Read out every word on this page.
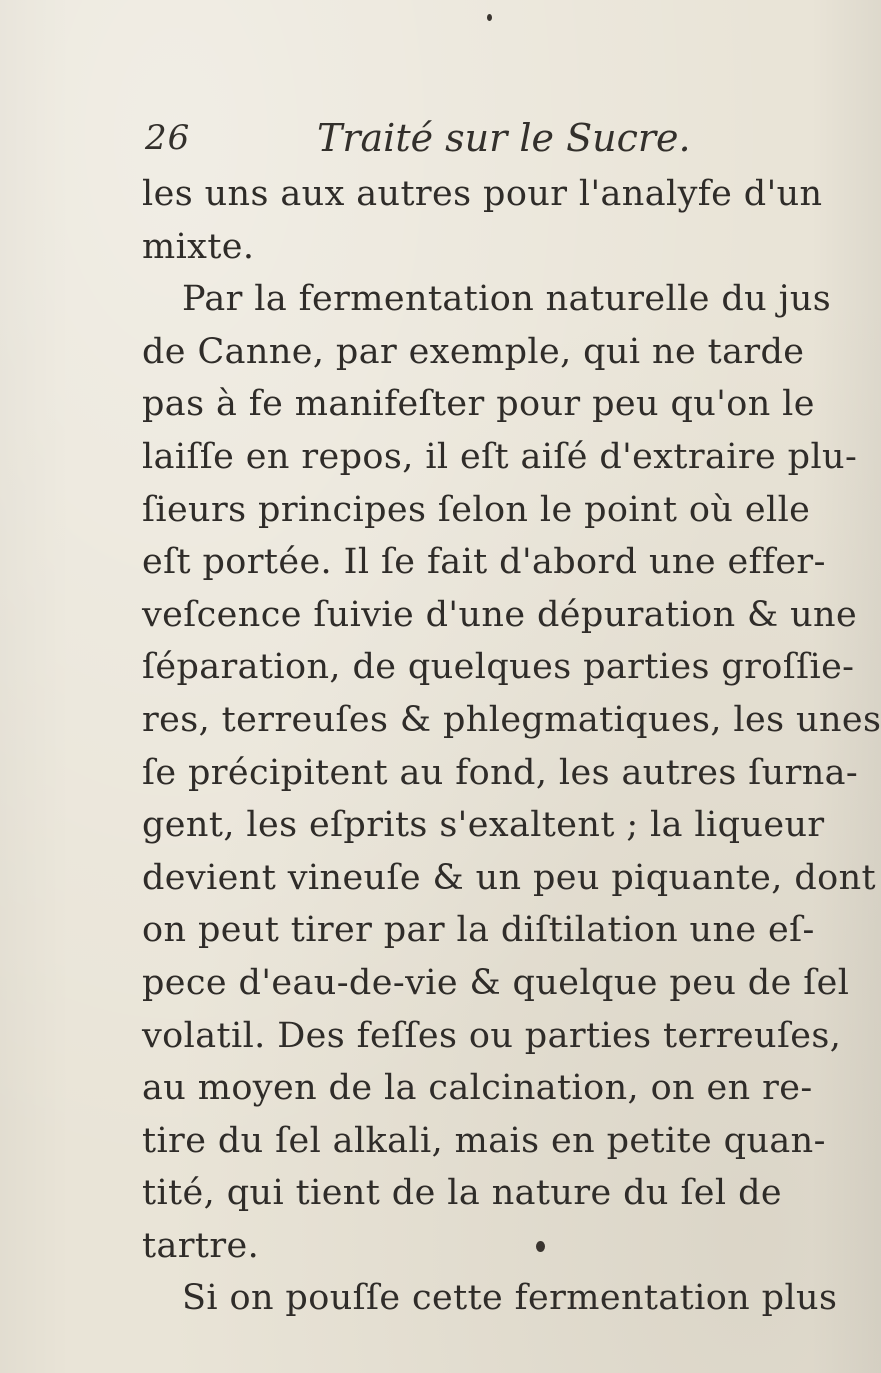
26	Traité sur le Sucre.
les uns aux autres pour l'analyfe d'un
mixte.
Par la fermentation naturelle du jus
de Canne, par exemple, qui ne tarde
pas à fe manifeſter pour peu qu'on le
laiſſe en repos, il eſt aiſé d'extraire plu-
ſieurs principes ſelon le point où elle
eſt portée. Il ſe fait d'abord une effer-
veſcence ſuivie d'une dépuration & une
ſéparation, de quelques parties groſſie-
res, terreuſes & phlegmatiques, les unes
ſe précipitent au fond, les autres ſurna-
gent, les eſprits s'exaltent ; la liqueur
devient vineuſe & un peu piquante, dont
on peut tirer par la diſtilation une eſ-
pece d'eau-de-vie & quelque peu de ſel
volatil. Des feſſes ou parties terreuſes,
au moyen de la calcination, on en re-
tire du ſel alkali, mais en petite quan-
tité, qui tient de la nature du ſel de
tartre.
Si on pouſſe cette fermentation plus
